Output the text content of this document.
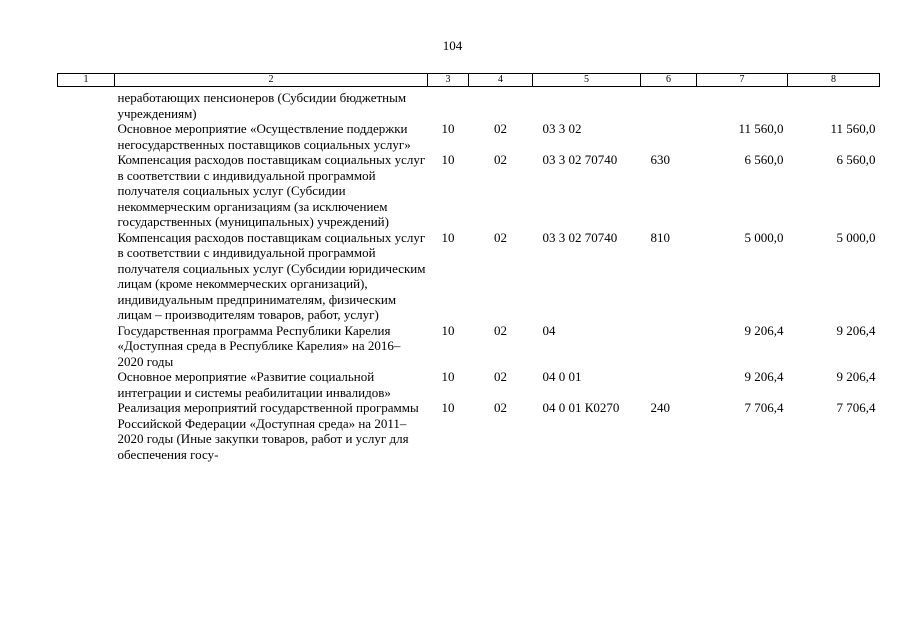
104
1	2	3	4	5	6	7	8
	неработающих пенсионеров (Субсидии бюджетным учреждениям)						
	Основное мероприятие «Осуществление поддержки негосударственных поставщиков социальных услуг»	10	02	03 3 02		11 560,0	11 560,0
	Компенсация расходов поставщикам социальных услуг в соответствии с индивидуальной программой получателя социальных услуг (Субсидии некоммерческим организациям (за исключением государственных (муниципальных) учреждений)	10	02	03 3 02 70740	630	6 560,0	6 560,0
	Компенсация расходов поставщикам социальных услуг в соответствии с индивидуальной программой получателя социальных услуг (Субсидии юридическим лицам (кроме некоммерческих организаций), индивидуальным предпринимателям, физическим лицам – производителям товаров, работ, услуг)	10	02	03 3 02 70740	810	5 000,0	5 000,0
	Государственная программа Республики Карелия «Доступная среда в Республике Карелия» на 2016–2020 годы	10	02	04		9 206,4	9 206,4
	Основное мероприятие «Развитие социальной интеграции и системы реабилитации инвалидов»	10	02	04 0 01		9 206,4	9 206,4
	Реализация мероприятий государственной программы Российской Федерации «Доступная среда» на 2011–2020 годы (Иные закупки товаров, работ и услуг для обеспечения госу-	10	02	04 0 01 К0270	240	7 706,4	7 706,4
